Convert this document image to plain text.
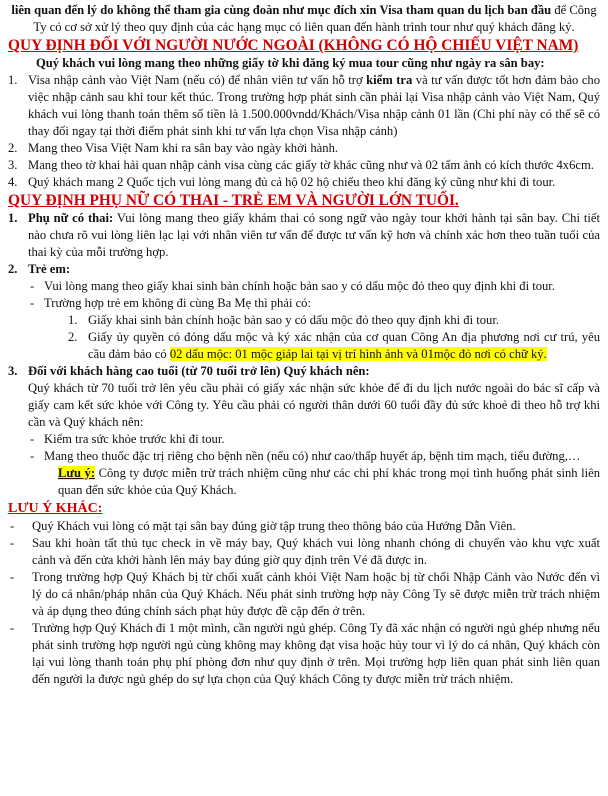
liên quan đến lý do không thể tham gia cùng đoàn như mục đích xin Visa tham quan du lịch ban đầu để Công Ty có cơ sở xử lý theo quy định của các hạng mục có liên quan đến hành trình tour như quý khách đăng ký.

QUY ĐỊNH ĐỐI VỚI NGƯỜI NƯỚC NGOÀI (KHÔNG CÓ HỘ CHIẾU VIỆT NAM)

Quý khách vui lòng mang theo những giấy tờ khi đăng ký mua tour cũng như ngày ra sân bay:

1. Visa nhập cảnh vào Việt Nam (nếu có) để nhân viên tư vấn hỗ trợ kiểm tra và tư vấn được tốt hơn đảm bảo cho việc nhập cảnh sau khi tour kết thúc. Trong trường hợp phát sinh cần phải lại Visa nhập cảnh vào Việt Nam, Quý khách vui lòng thanh toán thêm số tiền là 1.500.000vndd/Khách/Visa nhập cảnh 01 lần (Chi phí này có thể sẽ có thay đổi ngay tại thời điểm phát sinh khi tư vấn lựa chọn Visa nhập cảnh)
2. Mang theo Visa Việt Nam khi ra sân bay vào ngày khởi hành.
3. Mang theo tờ khai hải quan nhập cảnh visa cùng các giấy tờ khác cũng như và 02 tấm ảnh có kích thước 4x6cm.
4. Quý khách mang 2 Quốc tịch vui lòng mang đủ cả hộ 02 hộ chiếu theo khi đăng ký cũng như khi đi tour.
QUY ĐỊNH PHỤ NỮ CÓ THAI - TRẺ EM VÀ NGƯỜI LỚN TUỔI.
1. Phụ nữ có thai: Vui lòng mang theo giấy khám thai có song ngữ vào ngày tour khởi hành tại sân bay. Chi tiết nào chưa rõ vui lòng liên lạc lại với nhân viên tư vấn để được tư vấn kỹ hơn và chính xác hơn theo tuần tuổi của thai kỳ của mỗi trường hợp.
2. Trẻ em:
- Vui lòng mang theo giấy khai sinh bản chính hoặc bản sao y có dấu mộc đỏ theo quy định khi đi tour.
- Trường hợp trẻ em không đi cùng Ba Mẹ thì phải có:
1. Giấy khai sinh bản chính hoặc bản sao y có dấu mộc đỏ theo quy định khi đi tour.
2. Giấy ủy quyền có đóng dấu mộc và ký xác nhận của cơ quan Công An địa phương nơi cư trú, yêu cầu đảm bảo có 02 dấu mộc: 01 mộc giáp lai tại vị trí hình ảnh và 01mộc đỏ nơi có chữ ký.
3. Đối với khách hàng cao tuổi (từ 70 tuổi trở lên) Quý khách nên:

Quý khách từ 70 tuổi trở lên yêu cầu phải có giấy xác nhận sức khỏe để đi du lịch nước ngoài do bác sĩ cấp và giấy cam kết sức khỏe với Công ty. Yêu cầu phải có người thân dưới 60 tuổi đầy đủ sức khoẻ đi theo hỗ trợ khi cần và Quý khách nên:

- Kiểm tra sức khỏe trước khi đi tour.
- Mang theo thuốc đặc trị riêng cho bệnh nền (nếu có) như cao/thấp huyết áp, bệnh tim mạch, tiểu đường,…

Lưu ý: Công ty được miễn trừ trách nhiệm cũng như các chi phí khác trong mọi tình huống phát sinh liên quan đến sức khỏe của Quý Khách.

LƯU Ý KHÁC:
-	Quý Khách vui lòng có mặt tại sân bay đúng giờ tập trung theo thông báo của Hướng Dẫn Viên.
-	Sau khi hoàn tất thủ tục check in về máy bay, Quý khách vui lòng nhanh chóng di chuyển vào khu vực xuất cảnh và đến cửa khởi hành lên máy bay đúng giờ quy định trên Vé đã được in.
-	Trong trường hợp Quý Khách bị từ chối xuất cảnh khỏi Việt Nam hoặc bị từ chối Nhập Cảnh vào Nước đến vì lý do cá nhân/pháp nhân của Quý Khách. Nếu phát sinh trường hợp này Công Ty sẽ được miễn trừ trách nhiệm và áp dụng theo đúng chính sách phạt hủy được đề cập đến ở trên.
-	Trường hợp Quý Khách đi 1 một mình, cần người ngủ ghép. Công Ty đã xác nhận có người ngủ ghép nhưng nếu phát sinh trường hợp người ngủ cùng không may không đạt visa hoặc hủy tour vì lý do cá nhân, Quý khách còn lại vui lòng thanh toán phụ phí phòng đơn như quy định ở trên. Mọi trường hợp liên quan phát sinh liên quan đến người la được ngủ ghép do sự lựa chọn của Quý khách Công ty được miễn trừ trách nhiệm.
